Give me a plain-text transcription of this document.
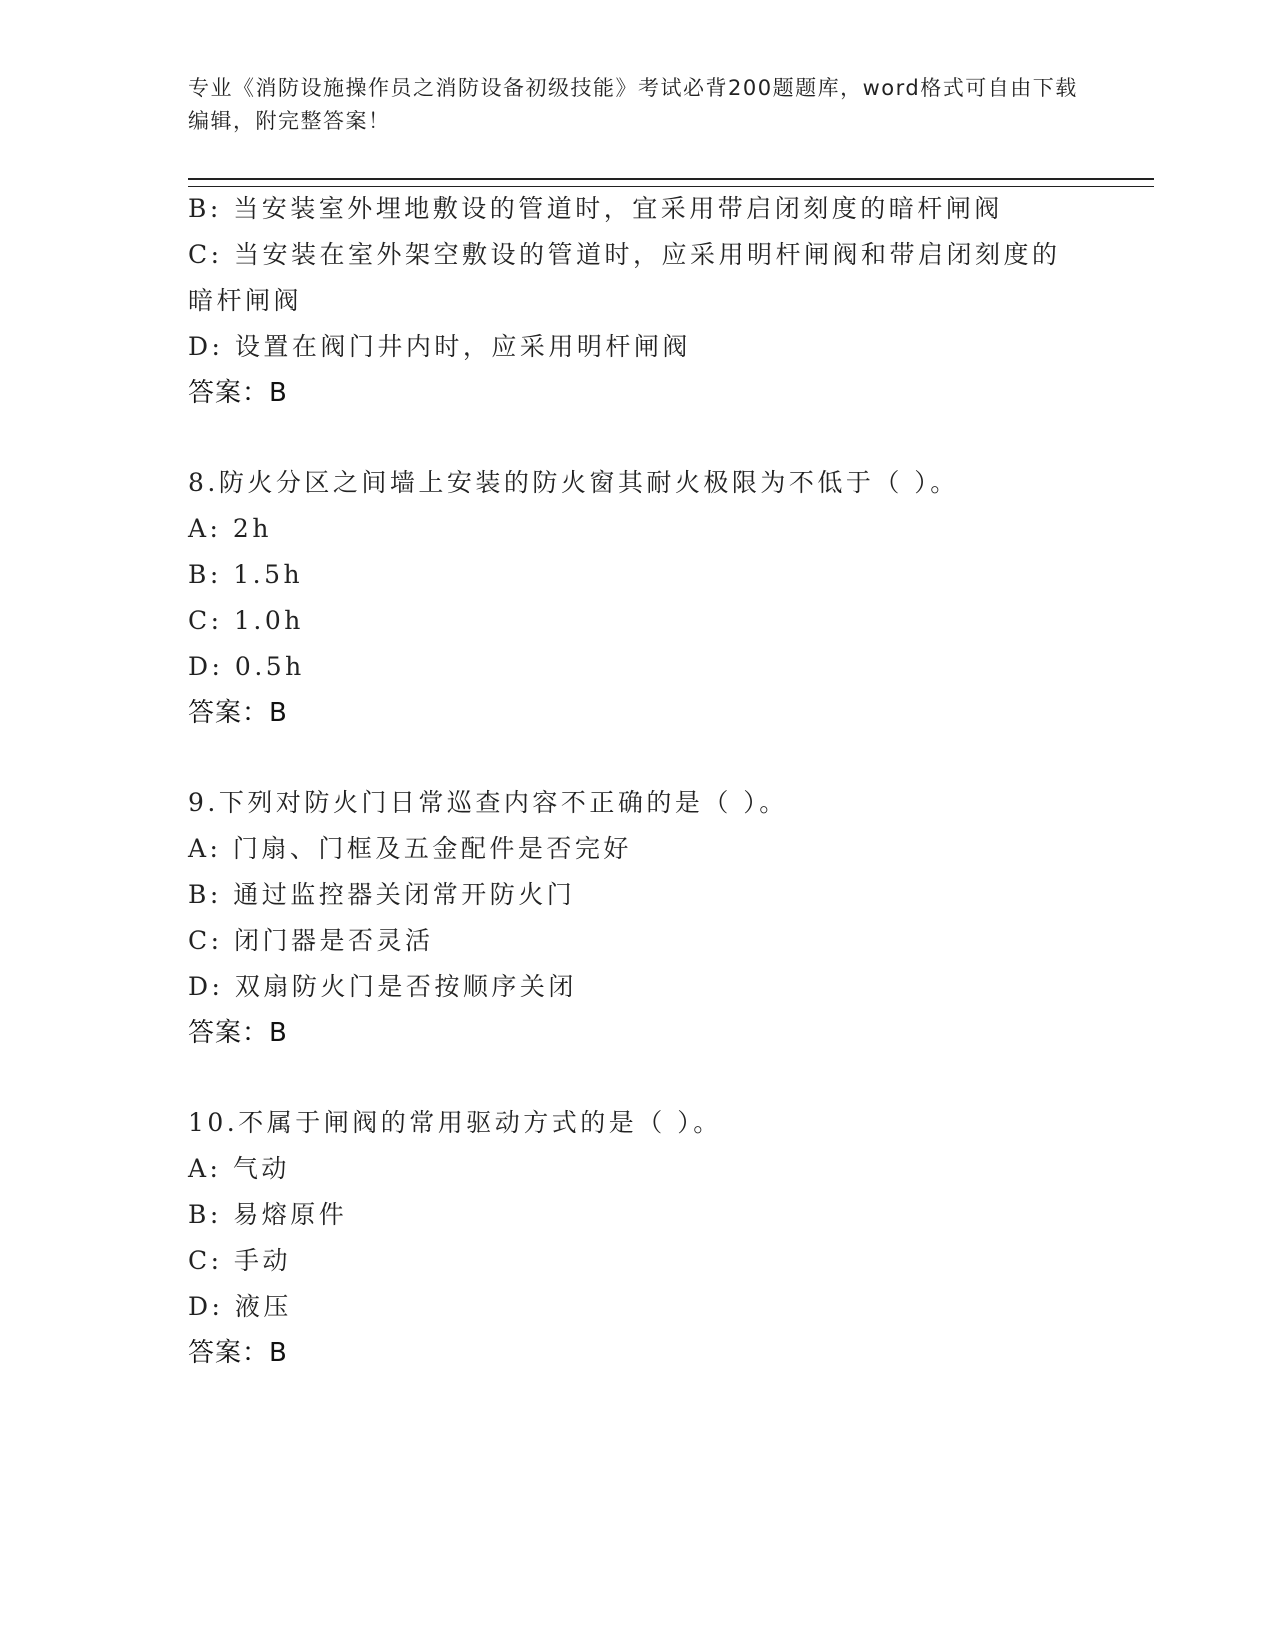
专业《消防设施操作员之消防设备初级技能》考试必背200题题库，word格式可自由下载编辑，附完整答案！
B: 当安装室外埋地敷设的管道时，宜采用带启闭刻度的暗杆闸阀
C: 当安装在室外架空敷设的管道时，应采用明杆闸阀和带启闭刻度的暗杆闸阀
D: 设置在阀门井内时，应采用明杆闸阀
答案：B
8.防火分区之间墙上安装的防火窗其耐火极限为不低于（ ）。
A: 2h
B: 1.5h
C: 1.0h
D: 0.5h
答案：B
9.下列对防火门日常巡查内容不正确的是（ ）。
A: 门扇、门框及五金配件是否完好
B: 通过监控器关闭常开防火门
C: 闭门器是否灵活
D: 双扇防火门是否按顺序关闭
答案：B
10.不属于闸阀的常用驱动方式的是（ ）。
A: 气动
B: 易熔原件
C: 手动
D: 液压
答案：B
